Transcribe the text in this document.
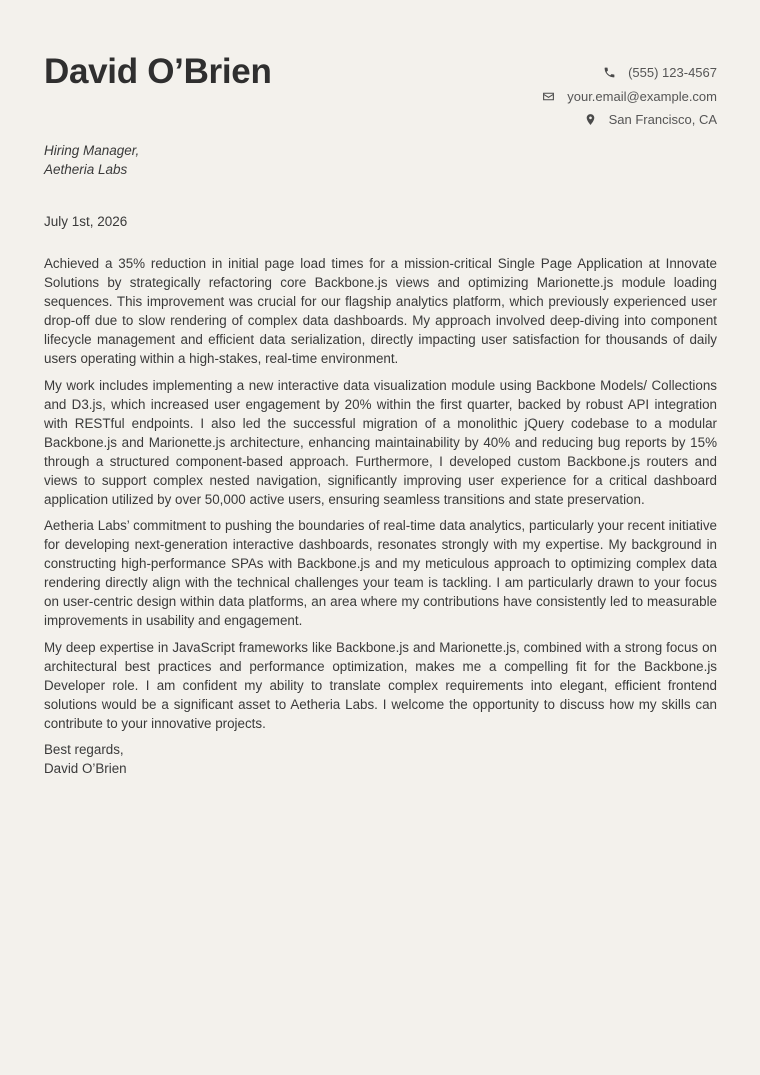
David O’Brien	(555) 123-4567
your.email@example.com
San Francisco, CA
Hiring Manager,
Aetheria Labs
July 1st, 2026

Achieved a 35% reduction in initial page load times for a mission-critical Single Page Application at Innovate Solutions by strategically refactoring core Backbone.js views and optimizing Marionette.js module loading sequences. This improvement was crucial for our flagship analytics platform, which previously experienced user drop-off due to slow rendering of complex data dashboards. My approach involved deep-diving into component lifecycle management and efficient data serialization, directly impacting user satisfaction for thousands of daily users operating within a high-stakes, real-time environment.

My work includes implementing a new interactive data visualization module using Backbone Models/ Collections and D3.js, which increased user engagement by 20% within the first quarter, backed by robust API integration with RESTful endpoints. I also led the successful migration of a monolithic jQuery codebase to a modular Backbone.js and Marionette.js architecture, enhancing maintainability by 40% and reducing bug reports by 15% through a structured component-based approach. Furthermore, I developed custom Backbone.js routers and views to support complex nested navigation, significantly improving user experience for a critical dashboard application utilized by over 50,000 active users, ensuring seamless transitions and state preservation.

Aetheria Labs’ commitment to pushing the boundaries of real-time data analytics, particularly your recent initiative for developing next-generation interactive dashboards, resonates strongly with my expertise. My background in constructing high-performance SPAs with Backbone.js and my meticulous approach to optimizing complex data rendering directly align with the technical challenges your team is tackling. I am particularly drawn to your focus on user-centric design within data platforms, an area where my contributions have consistently led to measurable improvements in usability and engagement.

My deep expertise in JavaScript frameworks like Backbone.js and Marionette.js, combined with a strong focus on architectural best practices and performance optimization, makes me a compelling fit for the Backbone.js Developer role. I am confident my ability to translate complex requirements into elegant, efficient frontend solutions would be a significant asset to Aetheria Labs. I welcome the opportunity to discuss how my skills can contribute to your innovative projects.

Best regards,
David O’Brien
